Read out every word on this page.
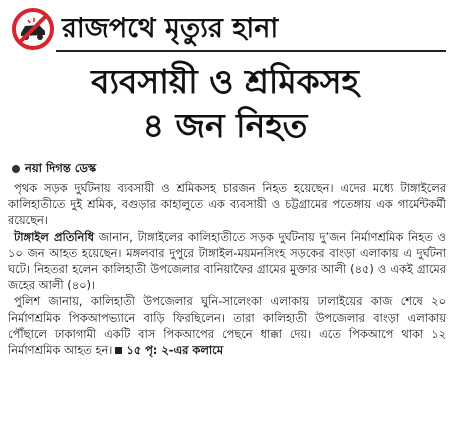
রাজপথে মৃত্যুর হানা
ব্যবসায়ী ও শ্রমিকসহ
৪ জন নিহত
নয়া দিগন্ত ডেস্ক

পৃথক সড়ক দুর্ঘটনায় ব্যবসায়ী ও শ্রমিকসহ চারজন নিহত হয়েছেন। এদের মধ্যে টাঙ্গাইলের কালিহাতীতে দুই শ্রমিক, বগুড়ার কাহালুতে এক ব্যবসায়ী ও চট্টগ্রামের পতেঙ্গায় এক গার্মেন্টকর্মী রয়েছেন।

টাঙ্গাইল প্রতিনিধি জানান, টাঙ্গাইলের কালিহাতীতে সড়ক দুর্ঘটনায় দু’জন নির্মাণশ্রমিক নিহত ও ১০ জন আহত হয়েছেন। মঙ্গলবার দুপুরে টাঙ্গাইল-ময়মনসিংহ সড়কের বাংড়া এলাকায় এ দুর্ঘটনা ঘটে। নিহতরা হলেন কালিহাতী উপজেলার বানিয়াফৈর গ্রামের মুক্তার আলী (৪৫) ও একই গ্রামের জহের আলী (৪০)।

পুলিশ জানায়, কালিহাতী উপজেলার ঘুনি-সালেংকা এলাকায় ঢালাইয়ের কাজ শেষে ২০ নির্মাণশ্রমিক পিকআপভ্যানে বাড়ি ফিরছিলেন। তারা কালিহাতী উপজেলার বাংড়া এলাকায় পৌঁছালে ঢাকাগামী একটি বাস পিকআপের পেছনে ধাক্কা দেয়। এতে পিকআপে থাকা ১২ নির্মাণশ্রমিক আহত হন। ১৫ পৃ: ২-এর কলামে
